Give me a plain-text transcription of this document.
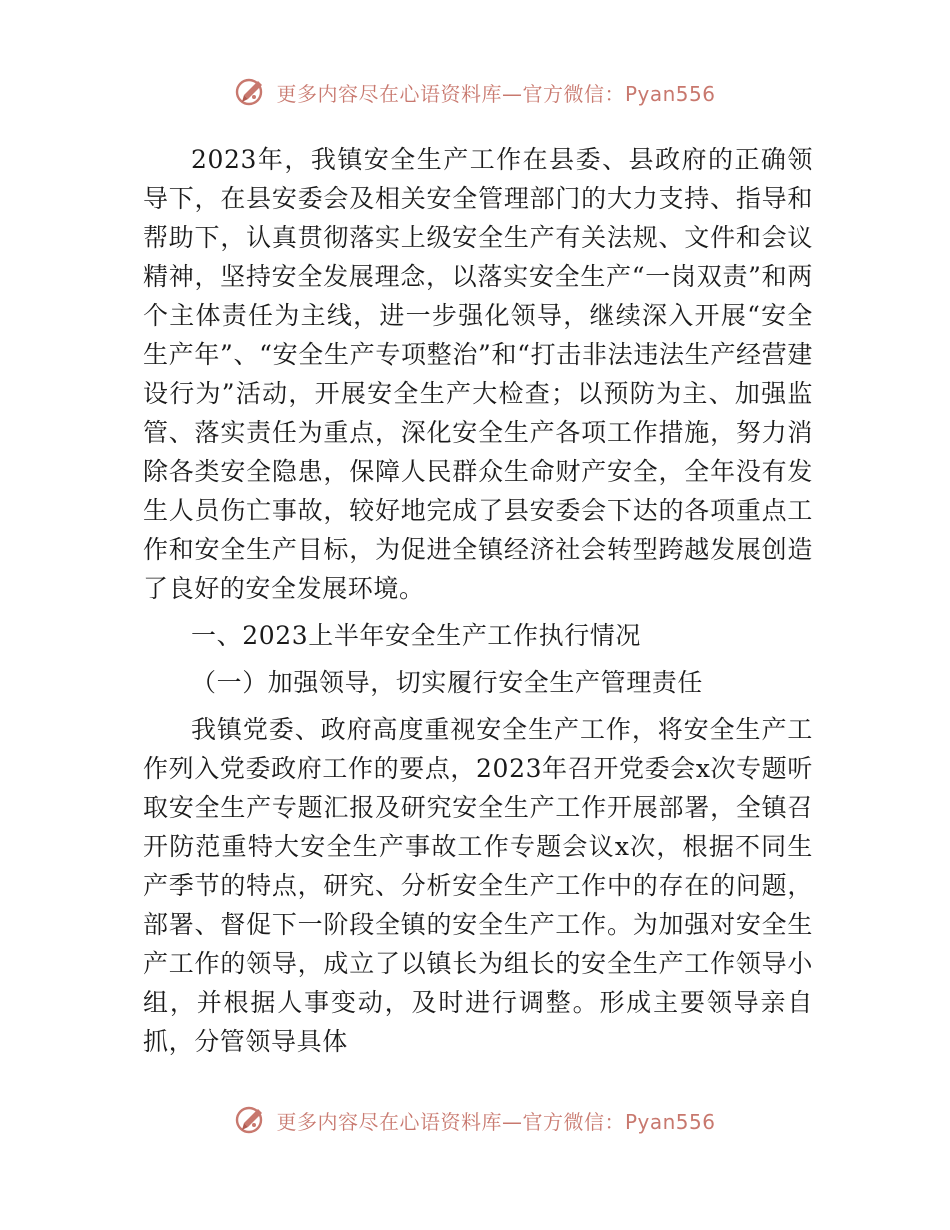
更多内容尽在心语资料库—官方微信：Pyan556

2023年，我镇安全生产工作在县委、县政府的正确领导下，在县安委会及相关安全管理部门的大力支持、指导和帮助下，认真贯彻落实上级安全生产有关法规、文件和会议精神，坚持安全发展理念，以落实安全生产“一岗双责”和两个主体责任为主线，进一步强化领导，继续深入开展“安全生产年”、“安全生产专项整治”和“打击非法违法生产经营建设行为”活动，开展安全生产大检查；以预防为主、加强监管、落实责任为重点，深化安全生产各项工作措施，努力消除各类安全隐患，保障人民群众生命财产安全，全年没有发生人员伤亡事故，较好地完成了县安委会下达的各项重点工作和安全生产目标，为促进全镇经济社会转型跨越发展创造了良好的安全发展环境。

一、2023上半年安全生产工作执行情况

（一）加强领导，切实履行安全生产管理责任

我镇党委、政府高度重视安全生产工作，将安全生产工作列入党委政府工作的要点，2023年召开党委会x次专题听取安全生产专题汇报及研究安全生产工作开展部署，全镇召开防范重特大安全生产事故工作专题会议x次，根据不同生产季节的特点，研究、分析安全生产工作中的存在的问题，部署、督促下一阶段全镇的安全生产工作。为加强对安全生产工作的领导，成立了以镇长为组长的安全生产工作领导小组，并根据人事变动，及时进行调整。形成主要领导亲自抓，分管领导具体

更多内容尽在心语资料库—官方微信：Pyan556
